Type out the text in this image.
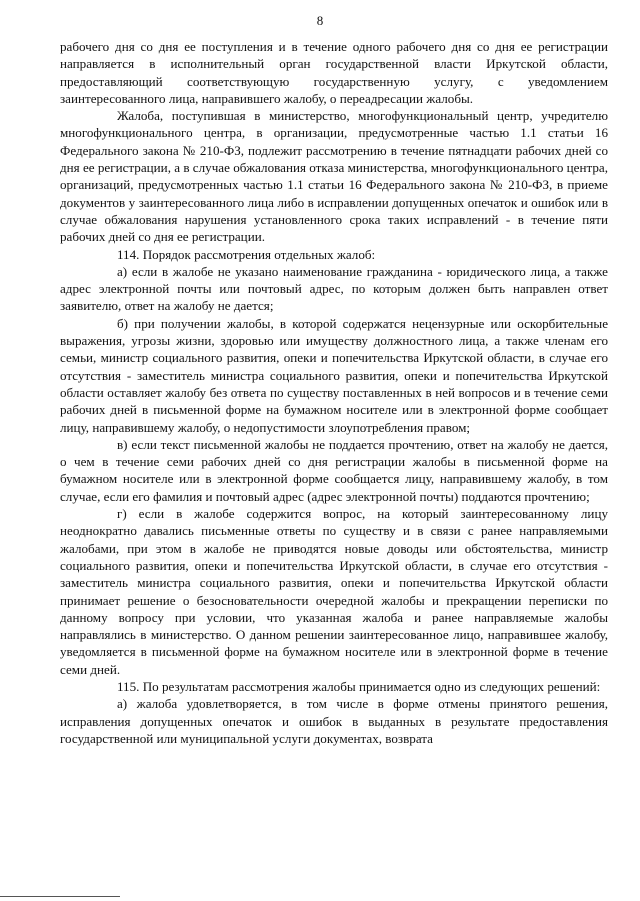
8

рабочего дня со дня ее поступления и в течение одного рабочего дня со дня ее регистрации направляется в исполнительный орган государственной власти Иркутской области, предоставляющий соответствующую государственную услугу, с уведомлением заинтересованного лица, направившего жалобу, о переадресации жалобы.

Жалоба, поступившая в министерство, многофункциональный центр, учредителю многофункционального центра, в организации, предусмотренные частью 1.1 статьи 16 Федерального закона № 210-ФЗ, подлежит рассмотрению в течение пятнадцати рабочих дней со дня ее регистрации, а в случае обжалования отказа министерства, многофункционального центра, организаций, предусмотренных частью 1.1 статьи 16 Федерального закона № 210-ФЗ, в приеме документов у заинтересованного лица либо в исправлении допущенных опечаток и ошибок или в случае обжалования нарушения установленного срока таких исправлений - в течение пяти рабочих дней со дня ее регистрации.

114. Порядок рассмотрения отдельных жалоб:

а) если в жалобе не указано наименование гражданина - юридического лица, а также адрес электронной почты или почтовый адрес, по которым должен быть направлен ответ заявителю, ответ на жалобу не дается;

б) при получении жалобы, в которой содержатся нецензурные или оскорбительные выражения, угрозы жизни, здоровью или имуществу должностного лица, а также членам его семьи, министр социального развития, опеки и попечительства Иркутской области, в случае его отсутствия - заместитель министра социального развития, опеки и попечительства Иркутской области оставляет жалобу без ответа по существу поставленных в ней вопросов и в течение семи рабочих дней в письменной форме на бумажном носителе или в электронной форме сообщает лицу, направившему жалобу, о недопустимости злоупотребления правом;

в) если текст письменной жалобы не поддается прочтению, ответ на жалобу не дается, о чем в течение семи рабочих дней со дня регистрации жалобы в письменной форме на бумажном носителе или в электронной форме сообщается лицу, направившему жалобу, в том случае, если его фамилия и почтовый адрес (адрес электронной почты) поддаются прочтению;

г) если в жалобе содержится вопрос, на который заинтересованному лицу неоднократно давались письменные ответы по существу и в связи с ранее направляемыми жалобами, при этом в жалобе не приводятся новые доводы или обстоятельства, министр социального развития, опеки и попечительства Иркутской области, в случае его отсутствия - заместитель министра социального развития, опеки и попечительства Иркутской области принимает решение о безосновательности очередной жалобы и прекращении переписки по данному вопросу при условии, что указанная жалоба и ранее направляемые жалобы направлялись в министерство. О данном решении заинтересованное лицо, направившее жалобу, уведомляется в письменной форме на бумажном носителе или в электронной форме в течение семи дней.

115. По результатам рассмотрения жалобы принимается одно из следующих решений:

а) жалоба удовлетворяется, в том числе в форме отмены принятого решения, исправления допущенных опечаток и ошибок в выданных в результате предоставления государственной или муниципальной услуги документах, возврата
